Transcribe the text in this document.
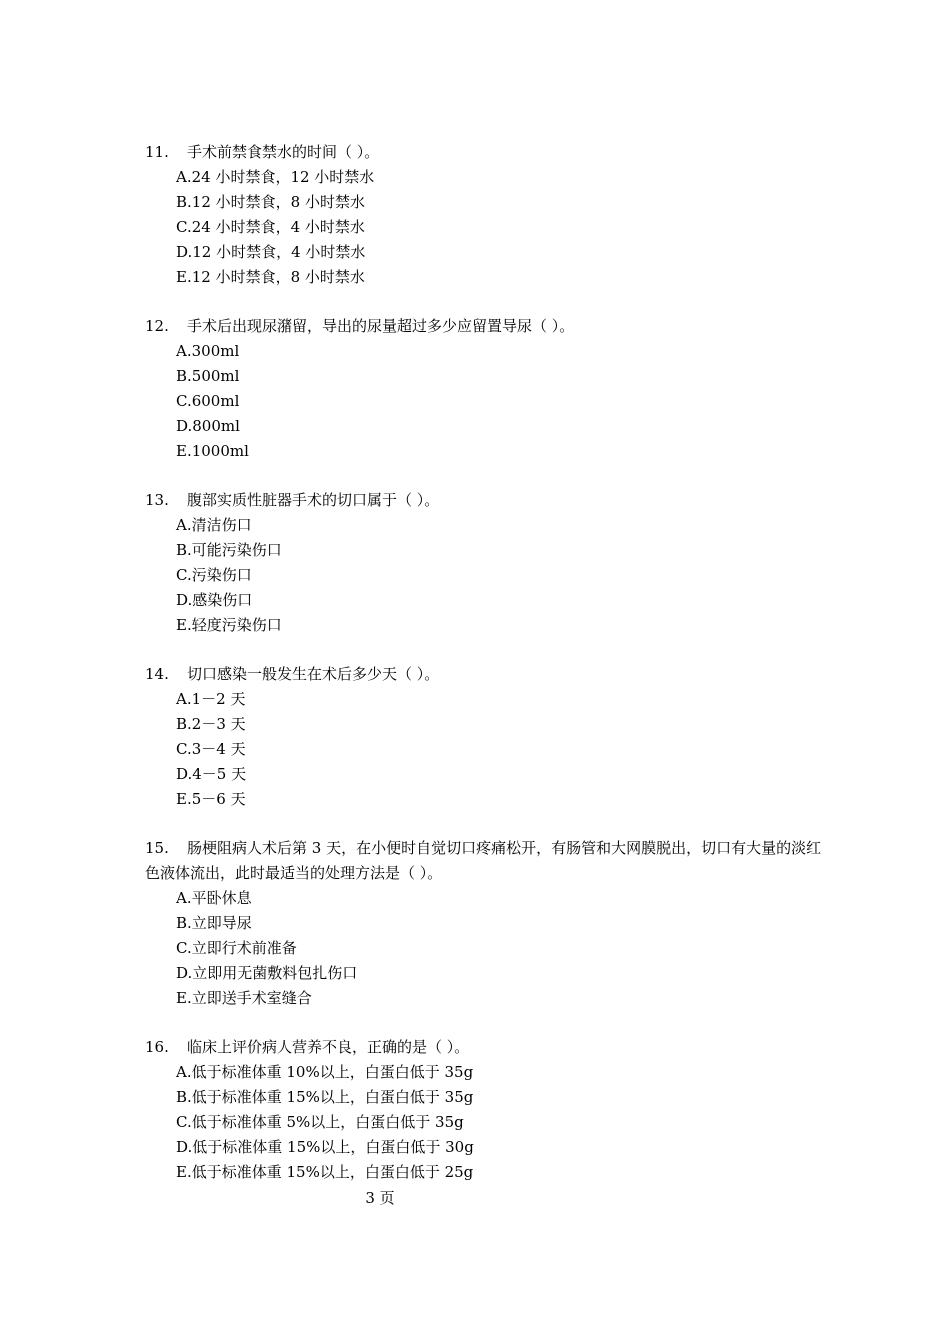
11. 手术前禁食禁水的时间（ ）。
A.24 小时禁食，12 小时禁水
B.12 小时禁食，8 小时禁水
C.24 小时禁食，4 小时禁水
D.12 小时禁食，4 小时禁水
E.12 小时禁食，8 小时禁水
12. 手术后出现尿潴留，导出的尿量超过多少应留置导尿（ ）。
A.300ml
B.500ml
C.600ml
D.800ml
E.1000ml
13. 腹部实质性脏器手术的切口属于（ ）。
A.清洁伤口
B.可能污染伤口
C.污染伤口
D.感染伤口
E.轻度污染伤口
14. 切口感染一般发生在术后多少天（ ）。
A.1－2 天
B.2－3 天
C.3－4 天
D.4－5 天
E.5－6 天
15. 肠梗阻病人术后第 3 天，在小便时自觉切口疼痛松开，有肠管和大网膜脱出，切口有大量的淡红色液体流出，此时最适当的处理方法是（ ）。
A.平卧休息
B.立即导尿
C.立即行术前准备
D.立即用无菌敷料包扎伤口
E.立即送手术室缝合
16. 临床上评价病人营养不良，正确的是（ ）。
A.低于标准体重 10%以上，白蛋白低于 35g
B.低于标准体重 15%以上，白蛋白低于 35g
C.低于标准体重 5%以上，白蛋白低于 35g
D.低于标准体重 15%以上，白蛋白低于 30g
E.低于标准体重 15%以上，白蛋白低于 25g
3 页
